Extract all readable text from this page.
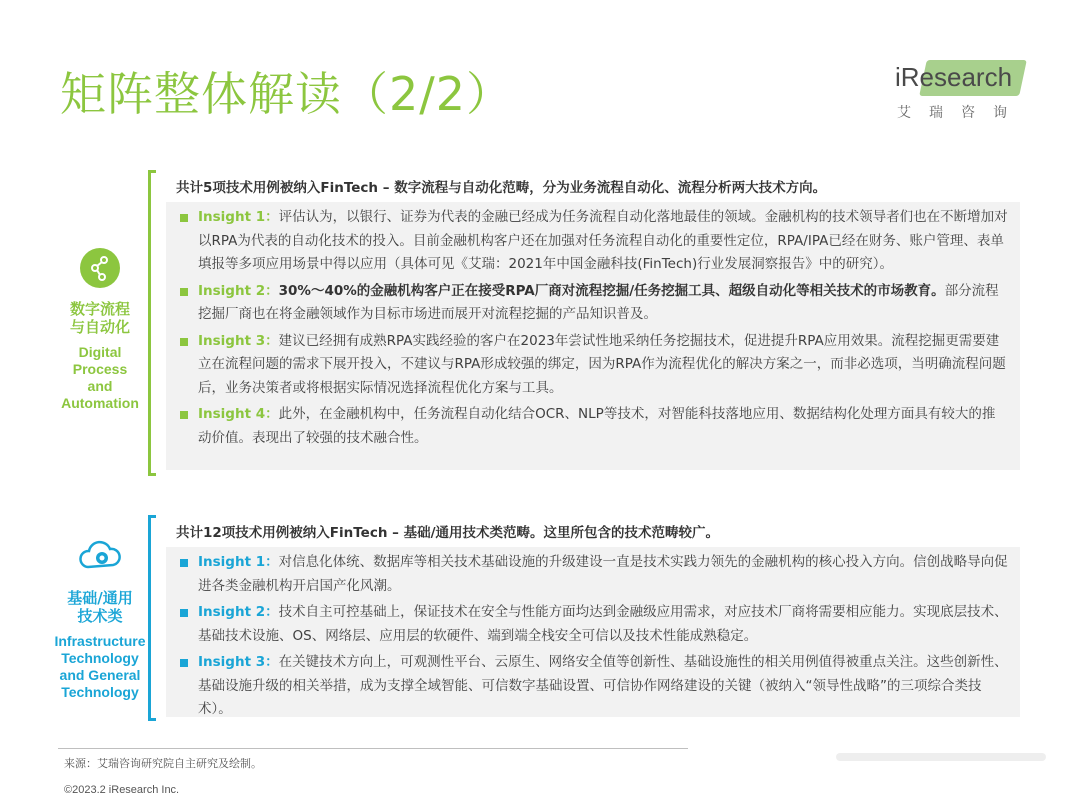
矩阵整体解读（2/2）	iResearch
艾瑞咨询
数字流程
与自动化
Digital
Process
and
Automation
共计5项技术用例被纳入FinTech – 数字流程与自动化范畴，分为业务流程自动化、流程分析两大技术方向。
Insight 1：评估认为，以银行、证券为代表的金融已经成为任务流程自动化落地最佳的领域。金融机构的技术领导者们也在不断增加对以RPA为代表的自动化技术的投入。目前金融机构客户还在加强对任务流程自动化的重要性定位，RPA/IPA已经在财务、账户管理、表单填报等多项应用场景中得以应用（具体可见《艾瑞：2021年中国金融科技(FinTech)行业发展洞察报告》中的研究）。
Insight 2：30%～40%的金融机构客户正在接受RPA厂商对流程挖掘/任务挖掘工具、超级自动化等相关技术的市场教育。部分流程挖掘厂商也在将金融领域作为目标市场进而展开对流程挖掘的产品知识普及。
Insight 3：建议已经拥有成熟RPA实践经验的客户在2023年尝试性地采纳任务挖掘技术，促进提升RPA应用效果。流程挖掘更需要建立在流程问题的需求下展开投入，不建议与RPA形成较强的绑定，因为RPA作为流程优化的解决方案之一，而非必选项，当明确流程问题后，业务决策者或将根据实际情况选择流程优化方案与工具。
Insight 4：此外，在金融机构中，任务流程自动化结合OCR、NLP等技术，对智能科技落地应用、数据结构化处理方面具有较大的推动价值。表现出了较强的技术融合性。
基础/通用
技术类
Infrastructure
Technology
and General
Technology
共计12项技术用例被纳入FinTech – 基础/通用技术类范畴。这里所包含的技术范畴较广。
Insight 1：对信息化体统、数据库等相关技术基础设施的升级建设一直是技术实践力领先的金融机构的核心投入方向。信创战略导向促进各类金融机构开启国产化风潮。
Insight 2：技术自主可控基础上，保证技术在安全与性能方面均达到金融级应用需求，对应技术厂商将需要相应能力。实现底层技术、基础技术设施、OS、网络层、应用层的软硬件、端到端全栈安全可信以及技术性能成熟稳定。
Insight 3：在关键技术方向上，可观测性平台、云原生、网络安全值等创新性、基础设施性的相关用例值得被重点关注。这些创新性、基础设施升级的相关举措，成为支撑全域智能、可信数字基础设置、可信协作网络建设的关键（被纳入“领导性战略”的三项综合类技术）。
来源：艾瑞咨询研究院自主研究及绘制。
©2023.2 iResearch Inc.
